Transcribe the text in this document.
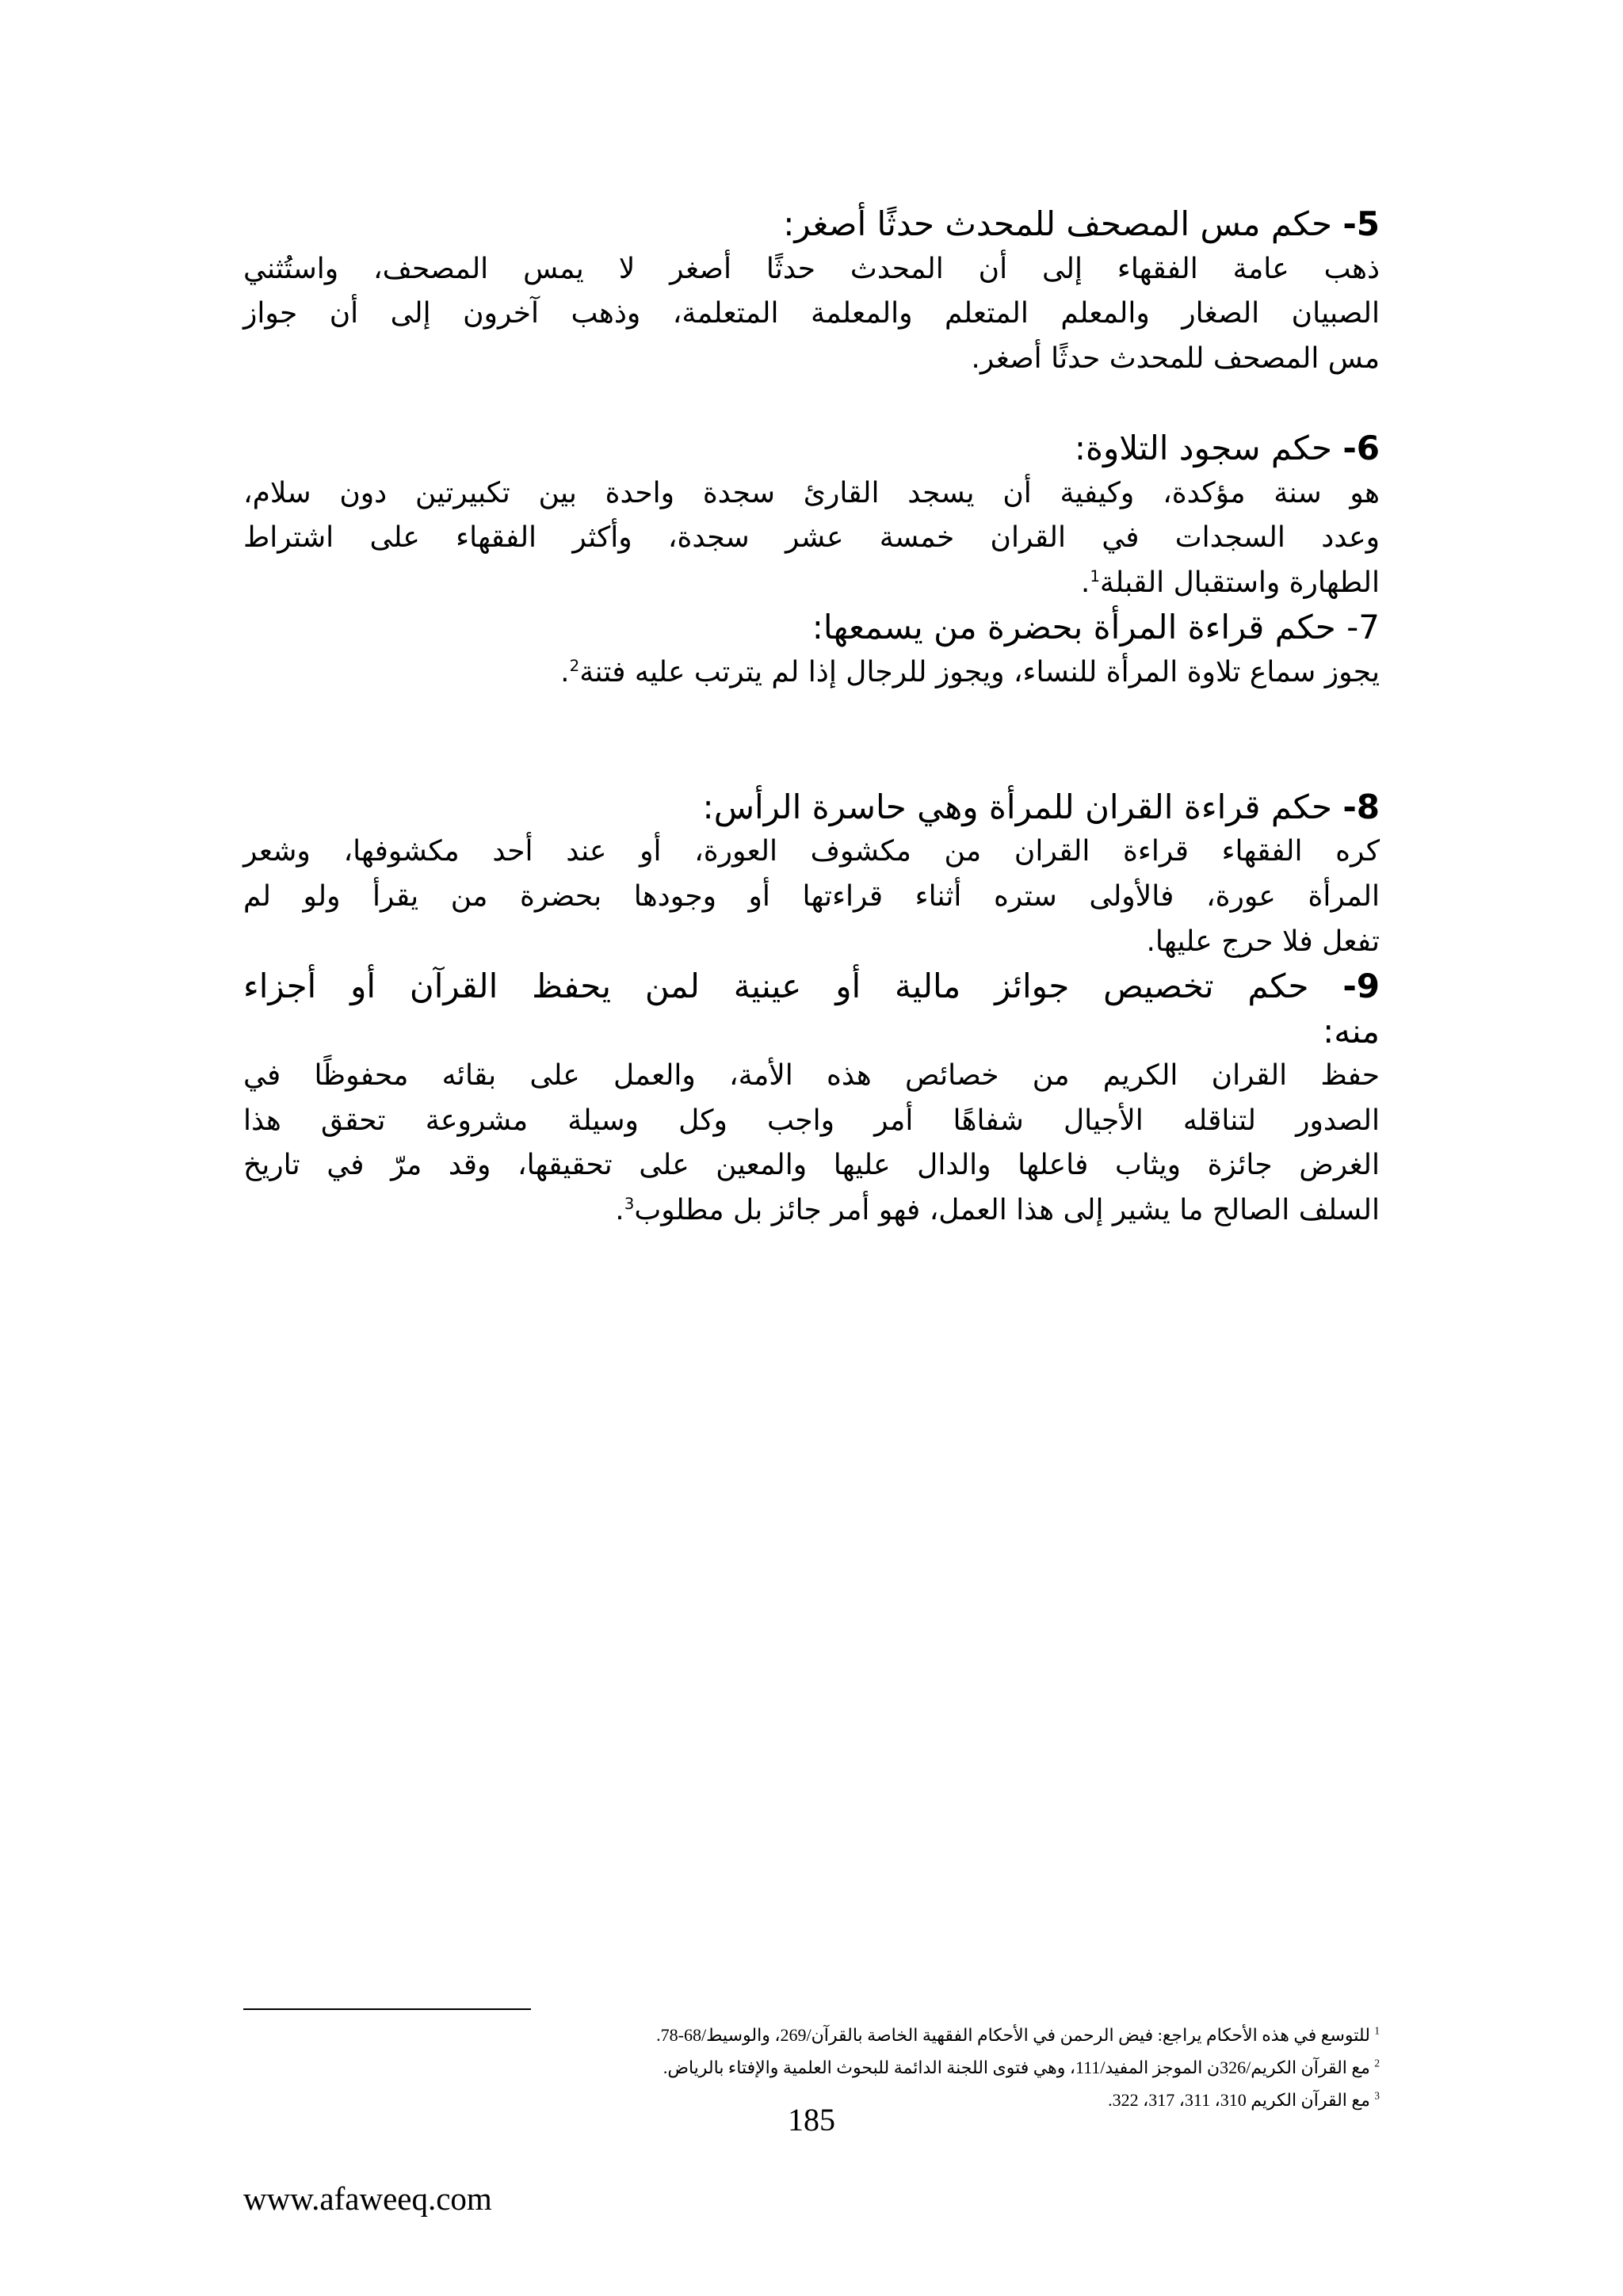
5- حكم مس المصحف للمحدث حدثًا أصغر:
ذهب عامة الفقهاء إلى أن المحدث حدثًا أصغر لا يمس المصحف، واستُثني
الصبيان الصغار والمعلم المتعلم والمعلمة المتعلمة، وذهب آخرون إلى أن جواز
مس المصحف للمحدث حدثًا أصغر.
6- حكم سجود التلاوة:
هو سنة مؤكدة، وكيفية أن يسجد القارئ سجدة واحدة بين تكبيرتين دون سلام،
وعدد السجدات في القران خمسة عشر سجدة، وأكثر الفقهاء على اشتراط
الطهارة واستقبال القبلة$^1$.
7- حكم قراءة المرأة بحضرة من يسمعها:
يجوز سماع تلاوة المرأة للنساء، ويجوز للرجال إذا لم يترتب عليه فتنة$^2$.
8- حكم قراءة القران للمرأة وهي حاسرة الرأس:
كره الفقهاء قراءة القران من مكشوف العورة، أو عند أحد مكشوفها، وشعر
المرأة عورة، فالأولى ستره أثناء قراءتها أو وجودها بحضرة من يقرأ ولو لم
تفعل فلا حرج عليها.
9- حكم تخصيص جوائز مالية أو عينية لمن يحفظ القرآن أو أجزاء
منه:
حفظ القران الكريم من خصائص هذه الأمة، والعمل على بقائه محفوظًا في
الصدور لتناقله الأجيال شفاهًا أمر واجب وكل وسيلة مشروعة تحقق هذا
الغرض جائزة ويثاب فاعلها والدال عليها والمعين على تحقيقها، وقد مرّ في تاريخ
السلف الصالح ما يشير إلى هذا العمل، فهو أمر جائز بل مطلوب$^3$.
$^1$ للتوسع في هذه الأحكام يراجع: فيض الرحمن في الأحكام الفقهية الخاصة بالقرآن/269، والوسيط/68-78.
$^2$ مع القرآن الكريم/326ن الموجز المفيد/111، وهي فتوى اللجنة الدائمة للبحوث العلمية والإفتاء بالرياض.
$^3$ مع القرآن الكريم 310، 311، 317، 322.
185
www.afaweeq.com
